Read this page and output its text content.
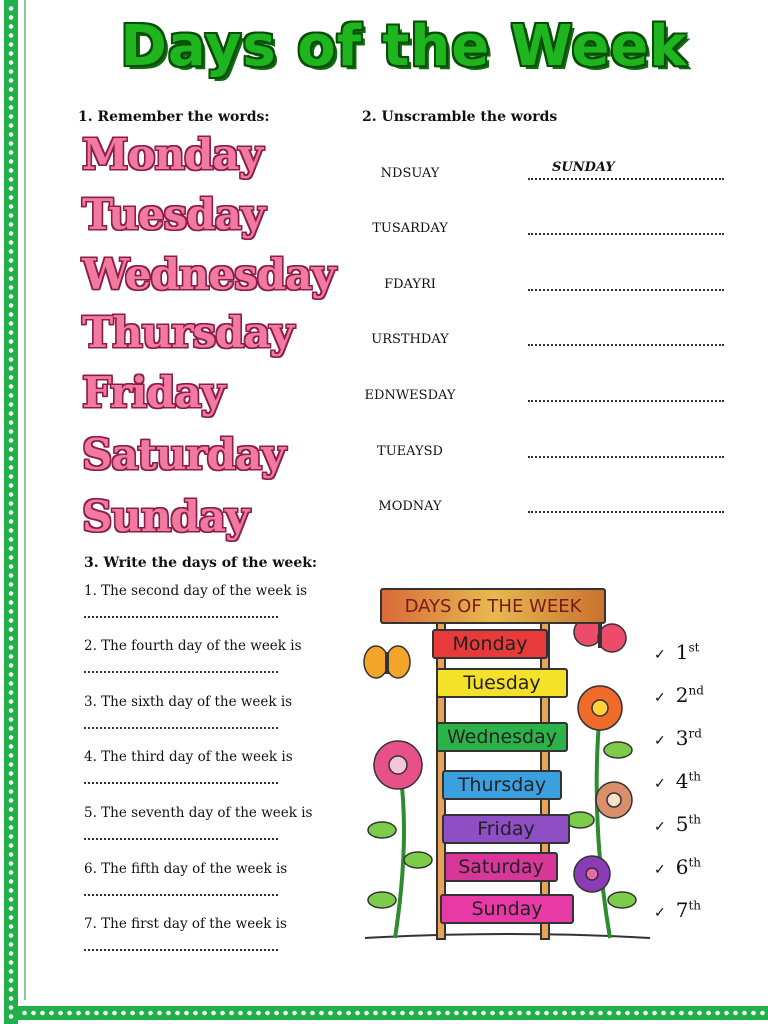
Days of the Week
1. Remember the words:
Monday
Tuesday
Wednesday
Thursday
Friday
Saturday
Sunday
2. Unscramble the words
SUNDAY
NDSUAY
TUSARDAY
FDAYRI
URSTHDAY
EDNWESDAY
TUEAYSD
MODNAY
3. Write the days of the week:
1. The second day of the week is
2. The fourth day of the week is
3. The sixth day of the week is
4. The third day of the week is
5. The seventh day of the week is
6. The fifth day of the week is
7. The first day of the week is
DAYS OF THE WEEK
Monday
Tuesday
Wednesday
Thursday
Friday
Saturday
Sunday
✓ 1st
✓ 2nd
✓ 3rd
✓ 4th
✓ 5th
✓ 6th
✓ 7th
